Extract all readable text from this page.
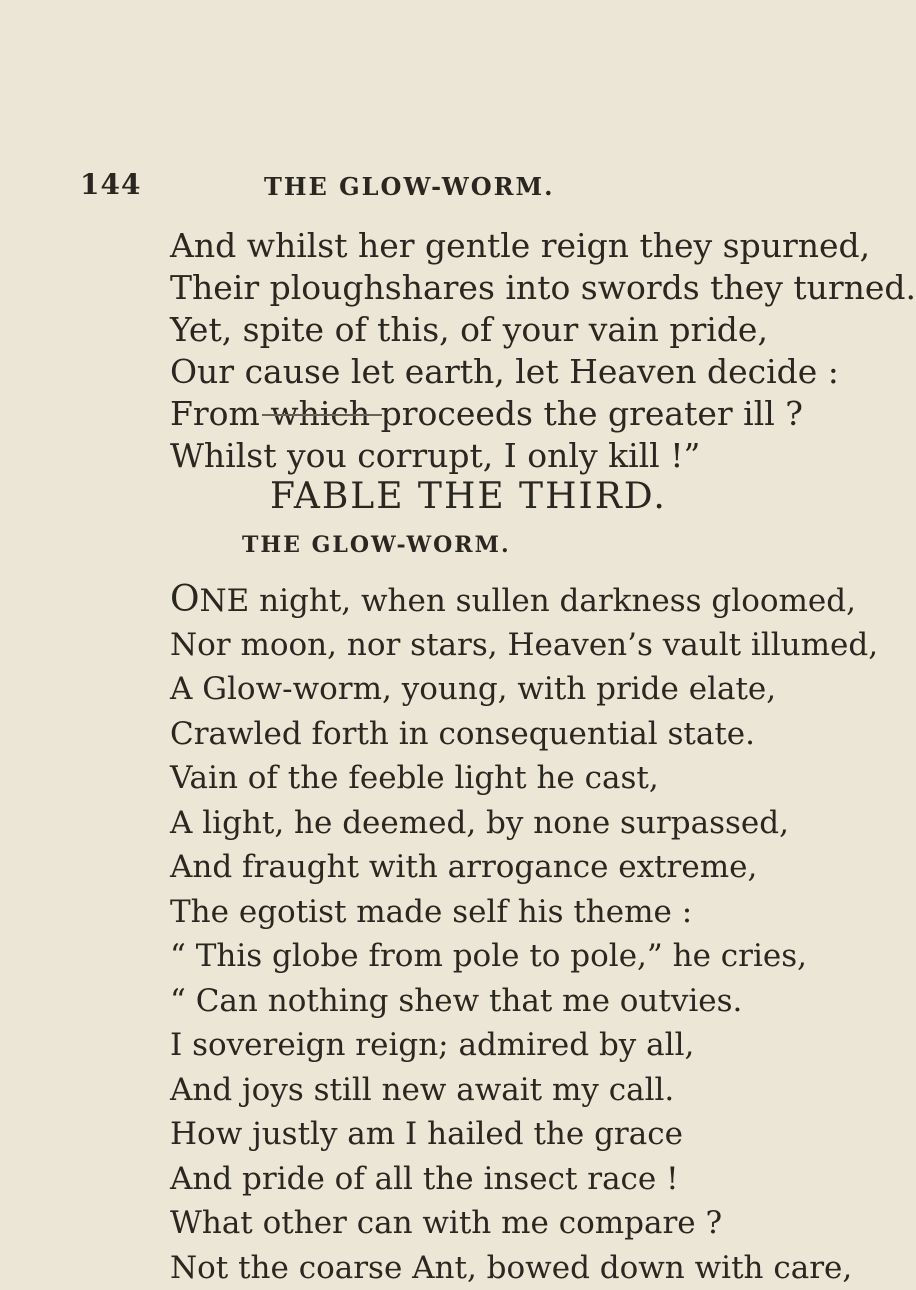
144	THE GLOW-WORM.
And whilst her gentle reign they spurned,
Their ploughshares into swords they turned.
Yet, spite of this, of your vain pride,
Our cause let earth, let Heaven decide :
From which proceeds the greater ill ?
Whilst you corrupt, I only kill !”
FABLE THE THIRD.
THE GLOW-WORM.
ONE night, when sullen darkness gloomed,
Nor moon, nor stars, Heaven’s vault illumed,
A Glow-worm, young, with pride elate,
Crawled forth in consequential state.
Vain of the feeble light he cast,
A light, he deemed, by none surpassed,
And fraught with arrogance extreme,
The egotist made self his theme :
“ This globe from pole to pole,” he cries,
“ Can nothing shew that me outvies.
I sovereign reign; admired by all,
And joys still new await my call.
How justly am I hailed the grace
And pride of all the insect race !
What other can with me compare ?
Not the coarse Ant, bowed down with care,
